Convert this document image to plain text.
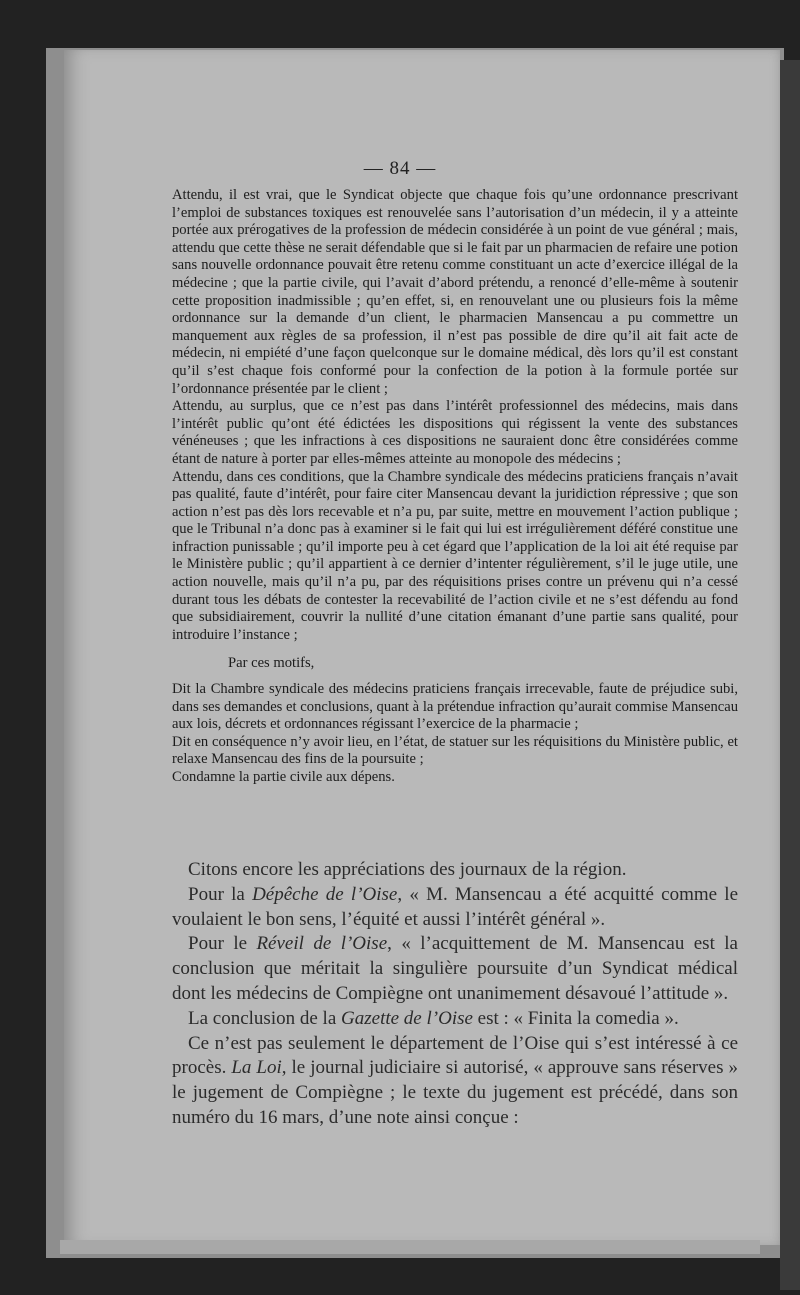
— 84 —

Attendu, il est vrai, que le Syndicat objecte que chaque fois qu’une ordonnance prescrivant l’emploi de substances toxiques est renouvelée sans l’autorisation d’un médecin, il y a atteinte portée aux prérogatives de la profession de médecin considérée à un point de vue général ; mais, attendu que cette thèse ne serait défendable que si le fait par un pharmacien de refaire une potion sans nouvelle ordonnance pouvait être retenu comme constituant un acte d’exercice illégal de la médecine ; que la partie civile, qui l’avait d’abord prétendu, a renoncé d’elle-même à soutenir cette proposition inadmissible ; qu’en effet, si, en renouvelant une ou plusieurs fois la même ordonnance sur la demande d’un client, le pharmacien Mansencau a pu commettre un manquement aux règles de sa profession, il n’est pas possible de dire qu’il ait fait acte de médecin, ni empiété d’une façon quelconque sur le domaine médical, dès lors qu’il est constant qu’il s’est chaque fois conformé pour la confection de la potion à la formule portée sur l’ordonnance présentée par le client ;

Attendu, au surplus, que ce n’est pas dans l’intérêt professionnel des médecins, mais dans l’intérêt public qu’ont été édictées les dispositions qui régissent la vente des substances vénéneuses ; que les infractions à ces dispositions ne sauraient donc être considérées comme étant de nature à porter par elles-mêmes atteinte au monopole des médecins ;

Attendu, dans ces conditions, que la Chambre syndicale des médecins praticiens français n’avait pas qualité, faute d’intérêt, pour faire citer Mansencau devant la juridiction répressive ; que son action n’est pas dès lors recevable et n’a pu, par suite, mettre en mouvement l’action publique ; que le Tribunal n’a donc pas à examiner si le fait qui lui est irrégulièrement déféré constitue une infraction punissable ; qu’il importe peu à cet égard que l’application de la loi ait été requise par le Ministère public ; qu’il appartient à ce dernier d’intenter régulièrement, s’il le juge utile, une action nouvelle, mais qu’il n’a pu, par des réquisitions prises contre un prévenu qui n’a cessé durant tous les débats de contester la recevabilité de l’action civile et ne s’est défendu au fond que subsidiairement, couvrir la nullité d’une citation émanant d’une partie sans qualité, pour introduire l’instance ;

Par ces motifs,

Dit la Chambre syndicale des médecins praticiens français irrecevable, faute de préjudice subi, dans ses demandes et conclusions, quant à la prétendue infraction qu’aurait commise Mansencau aux lois, décrets et ordonnances régissant l’exercice de la pharmacie ;

Dit en conséquence n’y avoir lieu, en l’état, de statuer sur les réquisitions du Ministère public, et relaxe Mansencau des fins de la poursuite ;

Condamne la partie civile aux dépens.

Citons encore les appréciations des journaux de la région.

Pour la Dépêche de l’Oise, « M. Mansencau a été acquitté comme le voulaient le bon sens, l’équité et aussi l’intérêt général ».

Pour le Réveil de l’Oise, « l’acquittement de M. Mansencau est la conclusion que méritait la singulière poursuite d’un Syndicat médical dont les médecins de Compiègne ont unanimement désavoué l’attitude ».

La conclusion de la Gazette de l’Oise est : « Finita la comedia ».

Ce n’est pas seulement le département de l’Oise qui s’est intéressé à ce procès. La Loi, le journal judiciaire si autorisé, « approuve sans réserves » le jugement de Compiègne ; le texte du jugement est précédé, dans son numéro du 16 mars, d’une note ainsi conçue :
